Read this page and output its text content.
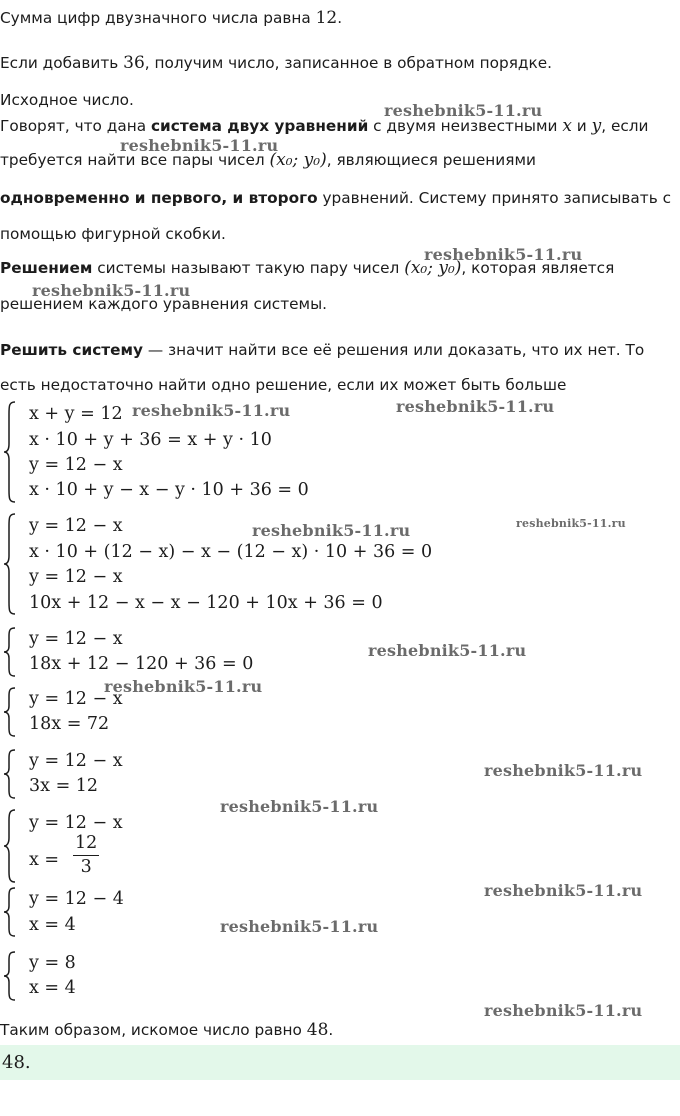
Сумма цифр двузначного числа равна 12.
Если добавить 36, получим число, записанное в обратном порядке.
Исходное число.
Говорят, что дана система двух уравнений с двумя неизвестными x и y, если
требуется найти все пары чисел (x₀; y₀), являющиеся решениями
одновременно и первого, и второго уравнений. Систему принято записывать с
помощью фигурной скобки.
Решением системы называют такую пару чисел (x₀; y₀), которая является
решением каждого уравнения системы.
Решить систему — значит найти все её решения или доказать, что их нет. То
есть недостаточно найти одно решение, если их может быть больше
x + y = 12
x · 10 + y + 36 = x + y · 10
y = 12 − x
x · 10 + y − x − y · 10 + 36 = 0
y = 12 − x
x · 10 + (12 − x) − x − (12 − x) · 10 + 36 = 0
y = 12 − x
10x + 12 − x − x − 120 + 10x + 36 = 0
y = 12 − x
18x + 12 − 120 + 36 = 0
y = 12 − x
18x = 72
y = 12 − x
3x = 12
y = 12 − x
$x = \frac{12}{3}$
y = 12 − 4
x = 4
y = 8
x = 4
Таким образом, искомое число равно 48.
48.
reshebnik5-11.ru
reshebnik5-11.ru
reshebnik5-11.ru
reshebnik5-11.ru
reshebnik5-11.ru	reshebnik5-11.ru
reshebnik5-11.ru	reshebnik5-11.ru
reshebnik5-11.ru
reshebnik5-11.ru
reshebnik5-11.ru
reshebnik5-11.ru
reshebnik5-11.ru
reshebnik5-11.ru
reshebnik5-11.ru
